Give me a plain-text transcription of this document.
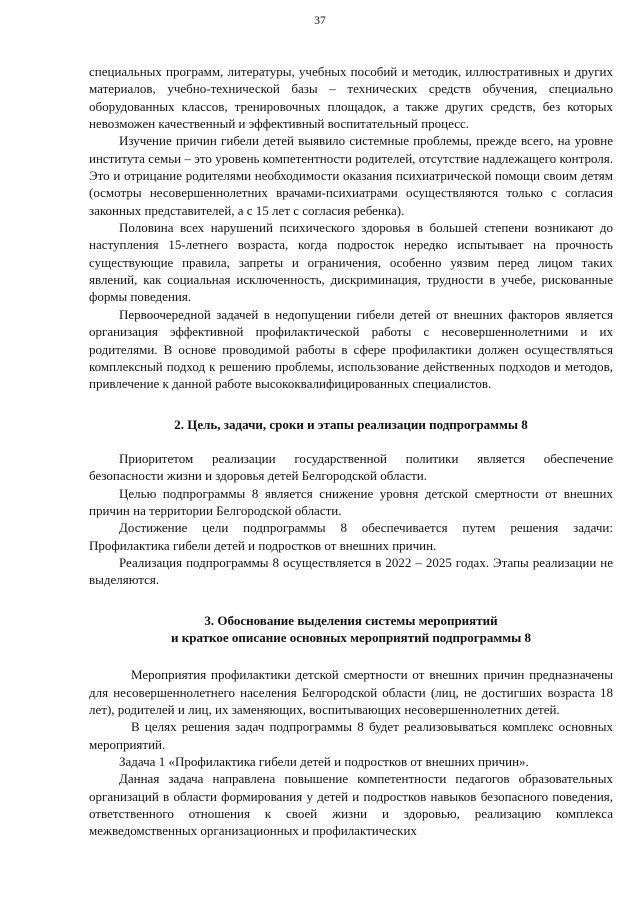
37

специальных программ, литературы, учебных пособий и методик, иллюстративных и других материалов, учебно-технической базы – технических средств обучения, специально оборудованных классов, тренировочных площадок, а также других средств, без которых невозможен качественный и эффективный воспитательный процесс.

Изучение причин гибели детей выявило системные проблемы, прежде всего, на уровне института семьи – это уровень компетентности родителей, отсутствие надлежащего контроля. Это и отрицание родителями необходимости оказания психиатрической помощи своим детям (осмотры несовершеннолетних врачами-психиатрами осуществляются только с согласия законных представителей, а с 15 лет с согласия ребенка).

Половина всех нарушений психического здоровья в большей степени возникают до наступления 15-летнего возраста, когда подросток нередко испытывает на прочность существующие правила, запреты и ограничения, особенно уязвим перед лицом таких явлений, как социальная исключенность, дискриминация, трудности в учебе, рискованные формы поведения.

Первоочередной задачей в недопущении гибели детей от внешних факторов является организация эффективной профилактической работы с несовершеннолетними и их родителями. В основе проводимой работы в сфере профилактики должен осуществляться комплексный подход к решению проблемы, использование действенных подходов и методов, привлечение к данной работе высококвалифицированных специалистов.

2. Цель, задачи, сроки и этапы реализации подпрограммы 8

Приоритетом реализации государственной политики является обеспечение безопасности жизни и здоровья детей Белгородской области.

Целью подпрограммы 8 является снижение уровня детской смертности от внешних причин на территории Белгородской области.

Достижение цели подпрограммы 8 обеспечивается путем решения задачи: Профилактика гибели детей и подростков от внешних причин.

Реализация подпрограммы 8 осуществляется в 2022 – 2025 годах. Этапы реализации не выделяются.

3. Обоснование выделения системы мероприятий
и краткое описание основных мероприятий подпрограммы 8

Мероприятия профилактики детской смертности от внешних причин предназначены для несовершеннолетнего населения Белгородской области (лиц, не достигших возраста 18 лет), родителей и лиц, их заменяющих, воспитывающих несовершеннолетних детей.

В целях решения задач подпрограммы 8 будет реализовываться комплекс основных мероприятий.

Задача 1 «Профилактика гибели детей и подростков от внешних причин».

Данная задача направлена повышение компетентности педагогов образовательных организаций в области формирования у детей и подростков навыков безопасного поведения, ответственного отношения к своей жизни и здоровью, реализацию комплекса межведомственных организационных и профилактических
